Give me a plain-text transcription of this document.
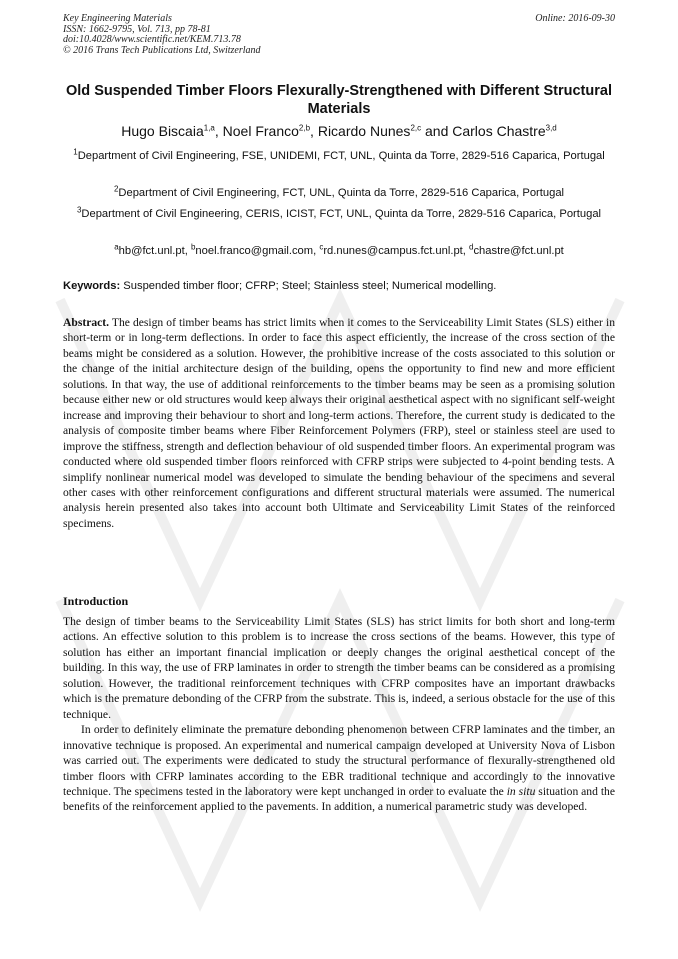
Key Engineering Materials
ISSN: 1662-9795, Vol. 713, pp 78-81
doi:10.4028/www.scientific.net/KEM.713.78
© 2016 Trans Tech Publications Ltd, Switzerland
Online: 2016-09-30
Old Suspended Timber Floors Flexurally-Strengthened with Different Structural Materials
Hugo Biscaia$^{1,a}$, Noel Franco$^{2,b}$, Ricardo Nunes$^{2,c}$ and Carlos Chastre$^{3,d}$
$^1$Department of Civil Engineering, FSE, UNIDEMI, FCT, UNL, Quinta da Torre, 2829-516 Caparica, Portugal
$^2$Department of Civil Engineering, FCT, UNL, Quinta da Torre, 2829-516 Caparica, Portugal
$^3$Department of Civil Engineering, CERIS, ICIST, FCT, UNL, Quinta da Torre, 2829-516 Caparica, Portugal
$^a$hb@fct.unl.pt, $^b$noel.franco@gmail.com, $^c$rd.nunes@campus.fct.unl.pt, $^d$chastre@fct.unl.pt
Keywords: Suspended timber floor; CFRP; Steel; Stainless steel; Numerical modelling.
Abstract. The design of timber beams has strict limits when it comes to the Serviceability Limit States (SLS) either in short-term or in long-term deflections. In order to face this aspect efficiently, the increase of the cross section of the beams might be considered as a solution. However, the prohibitive increase of the costs associated to this solution or the change of the initial architecture design of the building, opens the opportunity to find new and more efficient solutions. In that way, the use of additional reinforcements to the timber beams may be seen as a promising solution because either new or old structures would keep always their original aesthetical aspect with no significant self-weight increase and improving their behaviour to short and long-term actions. Therefore, the current study is dedicated to the analysis of composite timber beams where Fiber Reinforcement Polymers (FRP), steel or stainless steel are used to improve the stiffness, strength and deflection behaviour of old suspended timber floors. An experimental program was conducted where old suspended timber floors reinforced with CFRP strips were subjected to 4-point bending tests. A simplify nonlinear numerical model was developed to simulate the bending behaviour of the specimens and several other cases with other reinforcement configurations and different structural materials were assumed. The numerical analysis herein presented also takes into account both Ultimate and Serviceability Limit States of the reinforced specimens.
Introduction

The design of timber beams to the Serviceability Limit States (SLS) has strict limits for both short and long-term actions. An effective solution to this problem is to increase the cross sections of the beams. However, this type of solution has either an important financial implication or deeply changes the original aesthetical concept of the building. In this way, the use of FRP laminates in order to strength the timber beams can be considered as a promising solution. However, the traditional reinforcement techniques with CFRP composites have an important drawbacks which is the premature debonding of the CFRP from the substrate. This is, indeed, a serious obstacle for the use of this technique.

In order to definitely eliminate the premature debonding phenomenon between CFRP laminates and the timber, an innovative technique is proposed. An experimental and numerical campaign developed at University Nova of Lisbon was carried out. The experiments were dedicated to study the structural performance of flexurally-strengthened old timber floors with CFRP laminates according to the EBR traditional technique and accordingly to the innovative technique. The specimens tested in the laboratory were kept unchanged in order to evaluate the in situ situation and the benefits of the reinforcement applied to the pavements. In addition, a numerical parametric study was developed.
